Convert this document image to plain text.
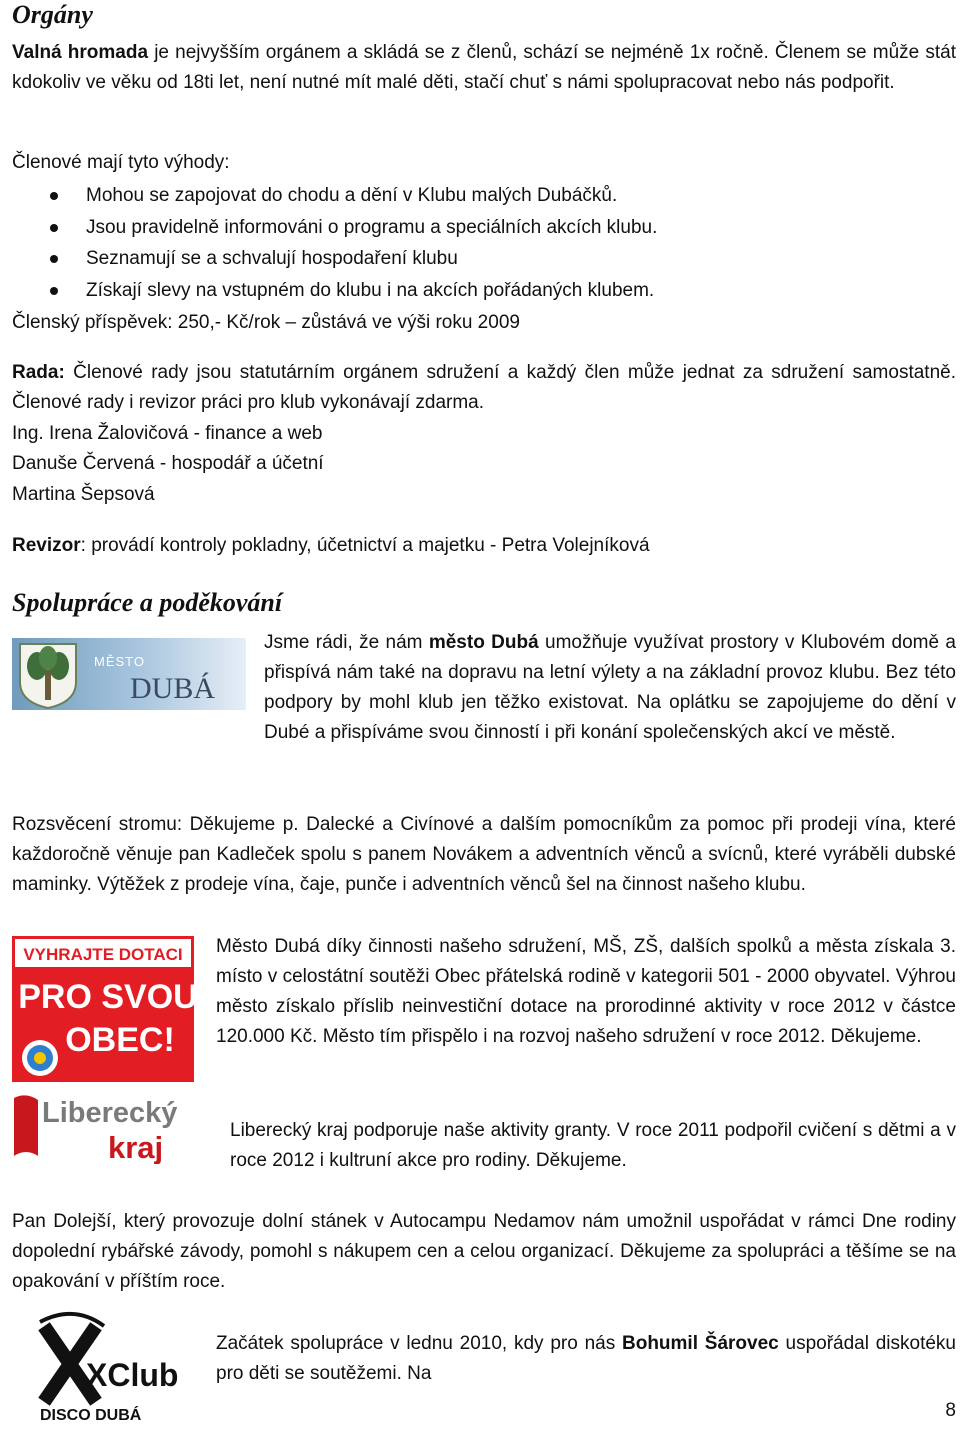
Orgány

Valná hromada je nejvyšším orgánem a skládá se z členů, schází se nejméně 1x ročně. Členem se může stát kdokoliv ve věku od 18ti let, není nutné mít malé děti, stačí chuť s námi spolupracovat nebo nás podpořit.

Členové mají tyto výhody:

Mohou se zapojovat do chodu a dění v Klubu malých Dubáčků.
Jsou pravidelně informováni o programu a speciálních akcích klubu.
Seznamují se a schvalují hospodaření klubu
Získají slevy na vstupném do klubu i na akcích pořádaných klubem.

Členský příspěvek: 250,- Kč/rok – zůstává ve výši roku 2009

Rada: Členové rady jsou statutárním orgánem sdružení a každý člen může jednat za sdružení samostatně. Členové rady i revizor práci pro klub vykonávají zdarma.

Ing. Irena Žalovičová - finance a web

Danuše Červená - hospodář a účetní

Martina Šepsová

Revizor: provádí kontroly pokladny, účetnictví a majetku - Petra Volejníková

Spolupráce a poděkování
MĚSTO
DUBÁ

Jsme rádi, že nám město Dubá umožňuje využívat prostory v Klubovém domě a přispívá nám také na dopravu na letní výlety a na základní provoz klubu. Bez této podpory by mohl klub jen těžko existovat. Na oplátku se zapojujeme do dění v Dubé a přispíváme svou činností i při konání společenských akcí ve městě.

Rozsvěcení stromu: Děkujeme p. Dalecké a Civínové a dalším pomocníkům za pomoc při prodeji vína, které každoročně věnuje pan Kadleček spolu s panem Novákem a adventních věnců a svícnů, které vyráběli dubské maminky. Výtěžek z prodeje vína, čaje, punče i adventních věnců šel na činnost našeho klubu.

VYHRAJTE DOTACI
PRO SVOU
OBEC!

Město Dubá díky činnosti našeho sdružení, MŠ, ZŠ, dalších spolků a města získala 3. místo v celostátní soutěži Obec přátelská rodině v kategorii 501 - 2000 obyvatel. Výhrou město získalo příslib neinvestiční dotace na prorodinné aktivity v roce 2012 v částce 120.000 Kč. Město tím přispělo i na rozvoj našeho sdružení v roce 2012. Děkujeme.

Liberecký
kraj	Liberecký kraj podporuje naše aktivity granty. V roce 2011 podpořil cvičení s dětmi a v roce 2012 i kultruní akce pro rodiny. Děkujeme.

Pan Dolejší, který provozuje dolní stánek v Autocampu Nedamov nám umožnil uspořádat v rámci Dne rodiny dopolední rybářské závody, pomohl s nákupem cen a celou organizací. Děkujeme za spolupráci a těšíme se na opakování v příštím roce.

XClub
DISCO DUBÁ

Začátek spolupráce v lednu 2010, kdy pro nás Bohumil Šárovec uspořádal diskotéku pro děti se soutěžemi. Na

8
